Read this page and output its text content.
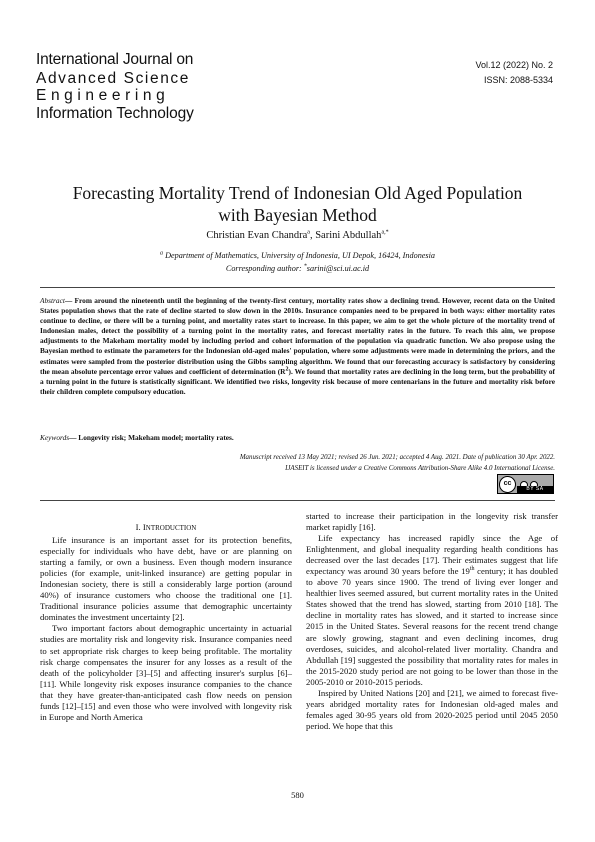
International Journal on
Advanced Science
Engineering
Information Technology
Vol.12 (2022) No. 2
ISSN: 2088-5334
Forecasting Mortality Trend of Indonesian Old Aged Population
with Bayesian Method
Christian Evan Chandra$^a$, Sarini Abdullah$^{a,*}$
$^a$ Department of Mathematics, University of Indonesia, UI Depok, 16424, Indonesia
Corresponding author: *sarini@sci.ui.ac.id
Abstract— From around the nineteenth until the beginning of the twenty-first century, mortality rates show a declining trend. However, recent data on the United States population shows that the rate of decline started to slow down in the 2010s. Insurance companies need to be prepared in both ways: either mortality rates continue to decline, or there will be a turning point, and mortality rates start to increase. In this paper, we aim to get the whole picture of the mortality trend of Indonesian males, detect the possibility of a turning point in the mortality rates, and forecast mortality rates in the future. To reach this aim, we propose adjustments to the Makeham mortality model by including period and cohort information of the population via quadratic function. We also propose using the Bayesian method to estimate the parameters for the Indonesian old-aged males' population, where some adjustments were made in determining the priors, and the estimates were sampled from the posterior distribution using the Gibbs sampling algorithm. We found that our forecasting accuracy is satisfactory by considering the mean absolute percentage error values and coefficient of determination $(R^2)$. We found that mortality rates are declining in the long term, but the probability of a turning point in the future is statistically significant. We identified two risks, longevity risk because of more centenarians in the future and mortality risk before their children complete compulsory education.
Keywords— Longevity risk; Makeham model; mortality rates.
Manuscript received 13 May 2021; revised 26 Jun. 2021; accepted 4 Aug. 2021. Date of publication 30 Apr. 2022.
IJASEIT is licensed under a Creative Commons Attribution-Share Alike 4.0 International License.
cc
BY SA
I. INTRODUCTION

Life insurance is an important asset for its protection benefits, especially for individuals who have debt, have or are planning on starting a family, or own a business. Even though modern insurance policies (for example, unit-linked insurance) are getting popular in Indonesian society, there is still a considerably large portion (around 40%) of insurance customers who choose the traditional one [1]. Traditional insurance policies assume that demographic uncertainty dominates the investment uncertainty [2].

Two important factors about demographic uncertainty in actuarial studies are mortality risk and longevity risk. Insurance companies need to set appropriate risk charges to keep being profitable. The mortality risk charge compensates the insurer for any losses as a result of the death of the policyholder [3]–[5] and affecting insurer's surplus [6]–[11]. While longevity risk exposes insurance companies to the chance that they have greater-than-anticipated cash flow needs on pension funds [12]–[15] and even those who were involved with longevity risk in Europe and North America

started to increase their participation in the longevity risk transfer market rapidly [16].

Life expectancy has increased rapidly since the Age of Enlightenment, and global inequality regarding health conditions has decreased over the last decades [17]. Their estimates suggest that life expectancy was around 30 years before the 19th century; it has doubled to above 70 years since 1900. The trend of living ever longer and healthier lives seemed assured, but current mortality rates in the United States showed that the trend has slowed, starting from 2010 [18]. The decline in mortality rates has slowed, and it started to increase since 2015 in the United States. Several reasons for the recent trend change are slowly growing, stagnant and even declining incomes, drug overdoses, suicides, and alcohol-related liver mortality. Chandra and Abdullah [19] suggested the possibility that mortality rates for males in the 2015-2020 study period are not going to be lower than those in the 2005-2010 or 2010-2015 periods.

Inspired by United Nations [20] and [21], we aimed to forecast five-years abridged mortality rates for Indonesian old-aged males and females aged 30-95 years old from 2020-2025 period until 2045 2050 period. We hope that this

580
